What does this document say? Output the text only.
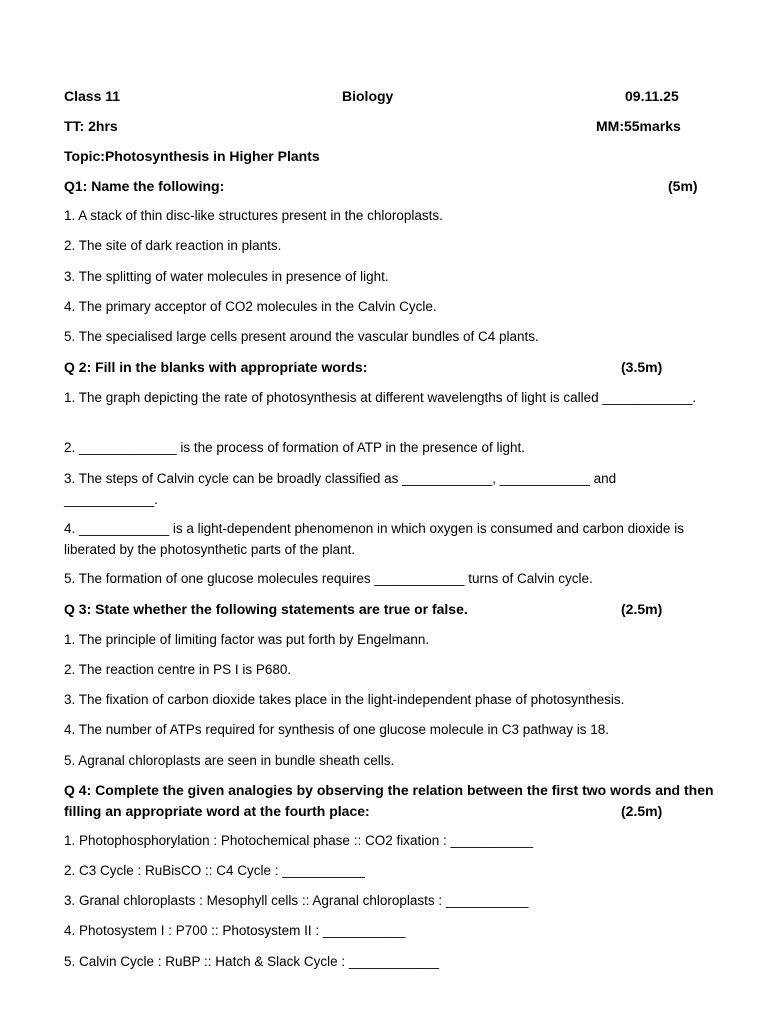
Class 11	Biology	09.11.25
TT: 2hrs	MM:55marks
Topic:Photosynthesis in Higher Plants
Q1: Name the following:	(5m)
1. A stack of thin disc-like structures present in the chloroplasts.
2. The site of dark reaction in plants.
3. The splitting of water molecules in presence of light.
4. The primary acceptor of CO2 molecules in the Calvin Cycle.
5. The specialised large cells present around the vascular bundles of C4 plants.
Q 2: Fill in the blanks with appropriate words:	(3.5m)
1. The graph depicting the rate of photosynthesis at different wavelengths of light is called ____________.
2. _____________ is the process of formation of ATP in the presence of light.
3. The steps of Calvin cycle can be broadly classified as ____________, ____________ and ____________.
4. ____________ is a light-dependent phenomenon in which oxygen is consumed and carbon dioxide is liberated by the photosynthetic parts of the plant.
5. The formation of one glucose molecules requires ____________ turns of Calvin cycle.
Q 3: State whether the following statements are true or false.	(2.5m)
1. The principle of limiting factor was put forth by Engelmann.
2. The reaction centre in PS I is P680.
3. The fixation of carbon dioxide takes place in the light-independent phase of photosynthesis.
4. The number of ATPs required for synthesis of one glucose molecule in C3 pathway is 18.
5. Agranal chloroplasts are seen in bundle sheath cells.
Q 4: Complete the given analogies by observing the relation between the first two words and then
filling an appropriate word at the fourth place:	(2.5m)
1. Photophosphorylation : Photochemical phase :: CO2 fixation : ___________
2. C3 Cycle : RuBisCO :: C4 Cycle : ___________
3. Granal chloroplasts : Mesophyll cells :: Agranal chloroplasts : ___________
4. Photosystem I : P700 :: Photosystem II : ___________
5. Calvin Cycle : RuBP :: Hatch & Slack Cycle : ____________
